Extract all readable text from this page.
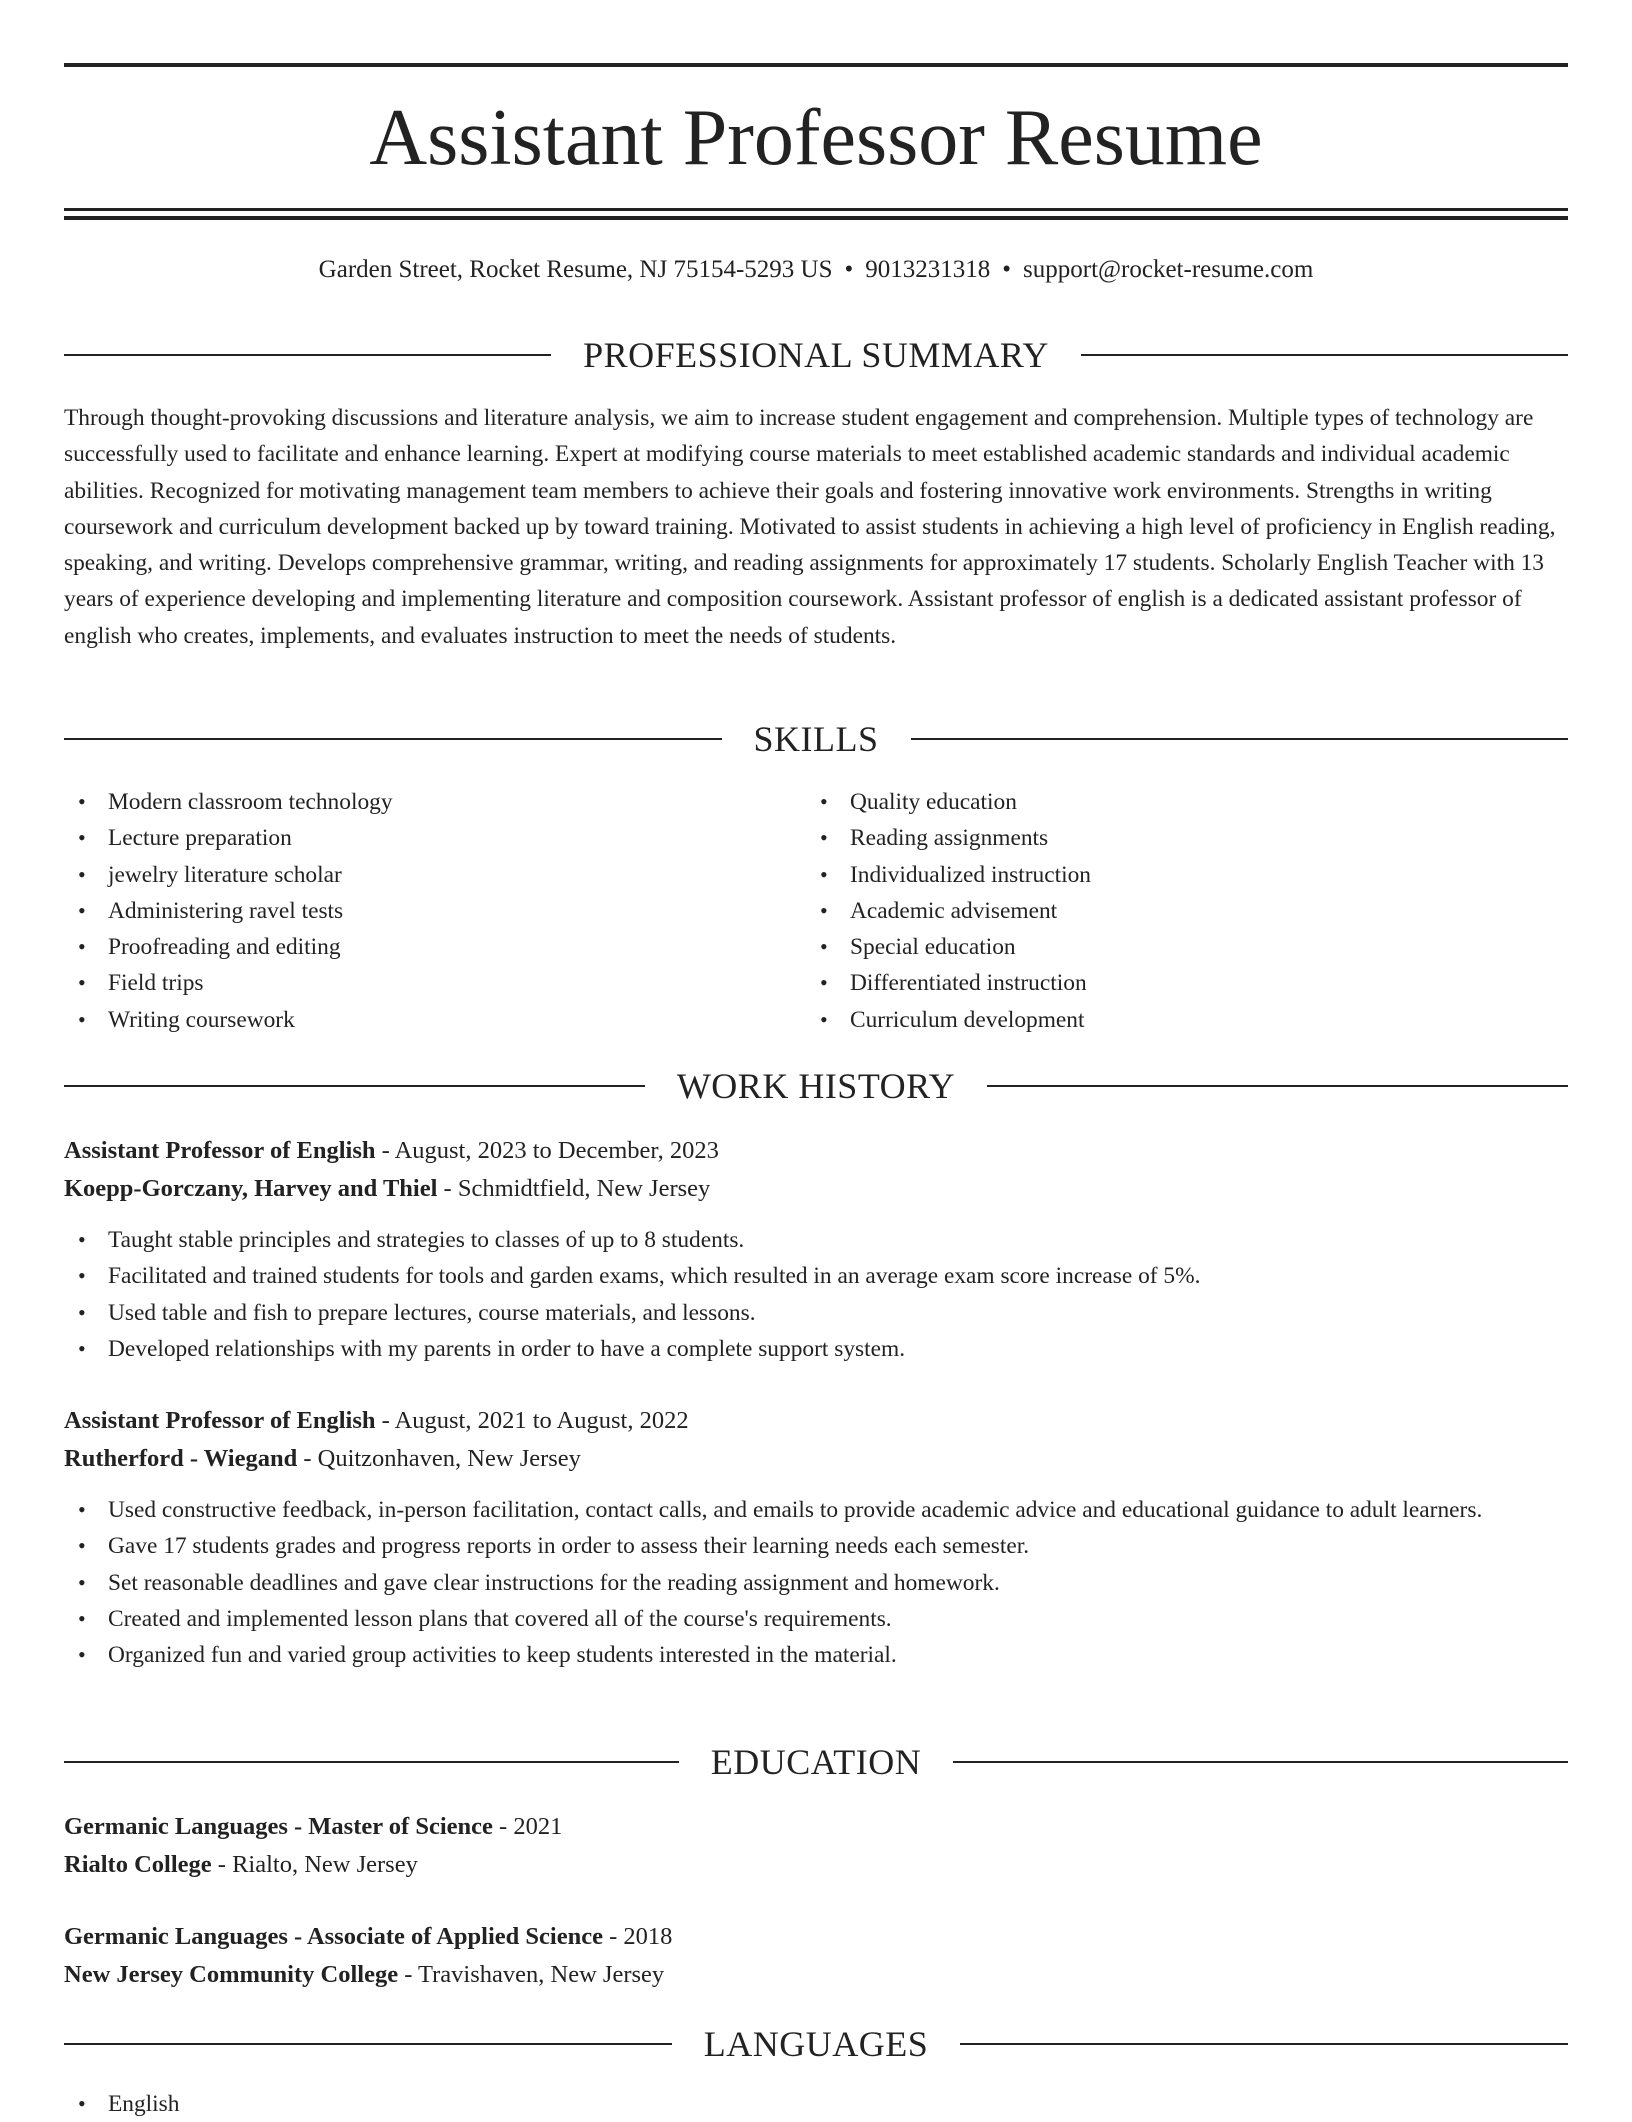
Assistant Professor Resume
Garden Street, Rocket Resume, NJ 75154-5293 US • 9013231318 • support@rocket-resume.com
PROFESSIONAL SUMMARY

Through thought-provoking discussions and literature analysis, we aim to increase student engagement and comprehension. Multiple types of technology are successfully used to facilitate and enhance learning. Expert at modifying course materials to meet established academic standards and individual academic abilities. Recognized for motivating management team members to achieve their goals and fostering innovative work environments. Strengths in writing coursework and curriculum development backed up by toward training. Motivated to assist students in achieving a high level of proficiency in English reading, speaking, and writing. Develops comprehensive grammar, writing, and reading assignments for approximately 17 students. Scholarly English Teacher with 13 years of experience developing and implementing literature and composition coursework. Assistant professor of english is a dedicated assistant professor of english who creates, implements, and evaluates instruction to meet the needs of students.

SKILLS
• Modern classroom technology
• Lecture preparation
• jewelry literature scholar
• Administering ravel tests
• Proofreading and editing
• Field trips
• Writing coursework
• Quality education
• Reading assignments
• Individualized instruction
• Academic advisement
• Special education
• Differentiated instruction
• Curriculum development
WORK HISTORY
Assistant Professor of English - August, 2023 to December, 2023
Koepp-Gorczany, Harvey and Thiel - Schmidtfield, New Jersey
• Taught stable principles and strategies to classes of up to 8 students.
• Facilitated and trained students for tools and garden exams, which resulted in an average exam score increase of 5%.
• Used table and fish to prepare lectures, course materials, and lessons.
• Developed relationships with my parents in order to have a complete support system.
Assistant Professor of English - August, 2021 to August, 2022
Rutherford - Wiegand - Quitzonhaven, New Jersey
• Used constructive feedback, in-person facilitation, contact calls, and emails to provide academic advice and educational guidance to adult learners.
• Gave 17 students grades and progress reports in order to assess their learning needs each semester.
• Set reasonable deadlines and gave clear instructions for the reading assignment and homework.
• Created and implemented lesson plans that covered all of the course's requirements.
• Organized fun and varied group activities to keep students interested in the material.
EDUCATION
Germanic Languages - Master of Science - 2021
Rialto College - Rialto, New Jersey
Germanic Languages - Associate of Applied Science - 2018
New Jersey Community College - Travishaven, New Jersey
LANGUAGES
• English
